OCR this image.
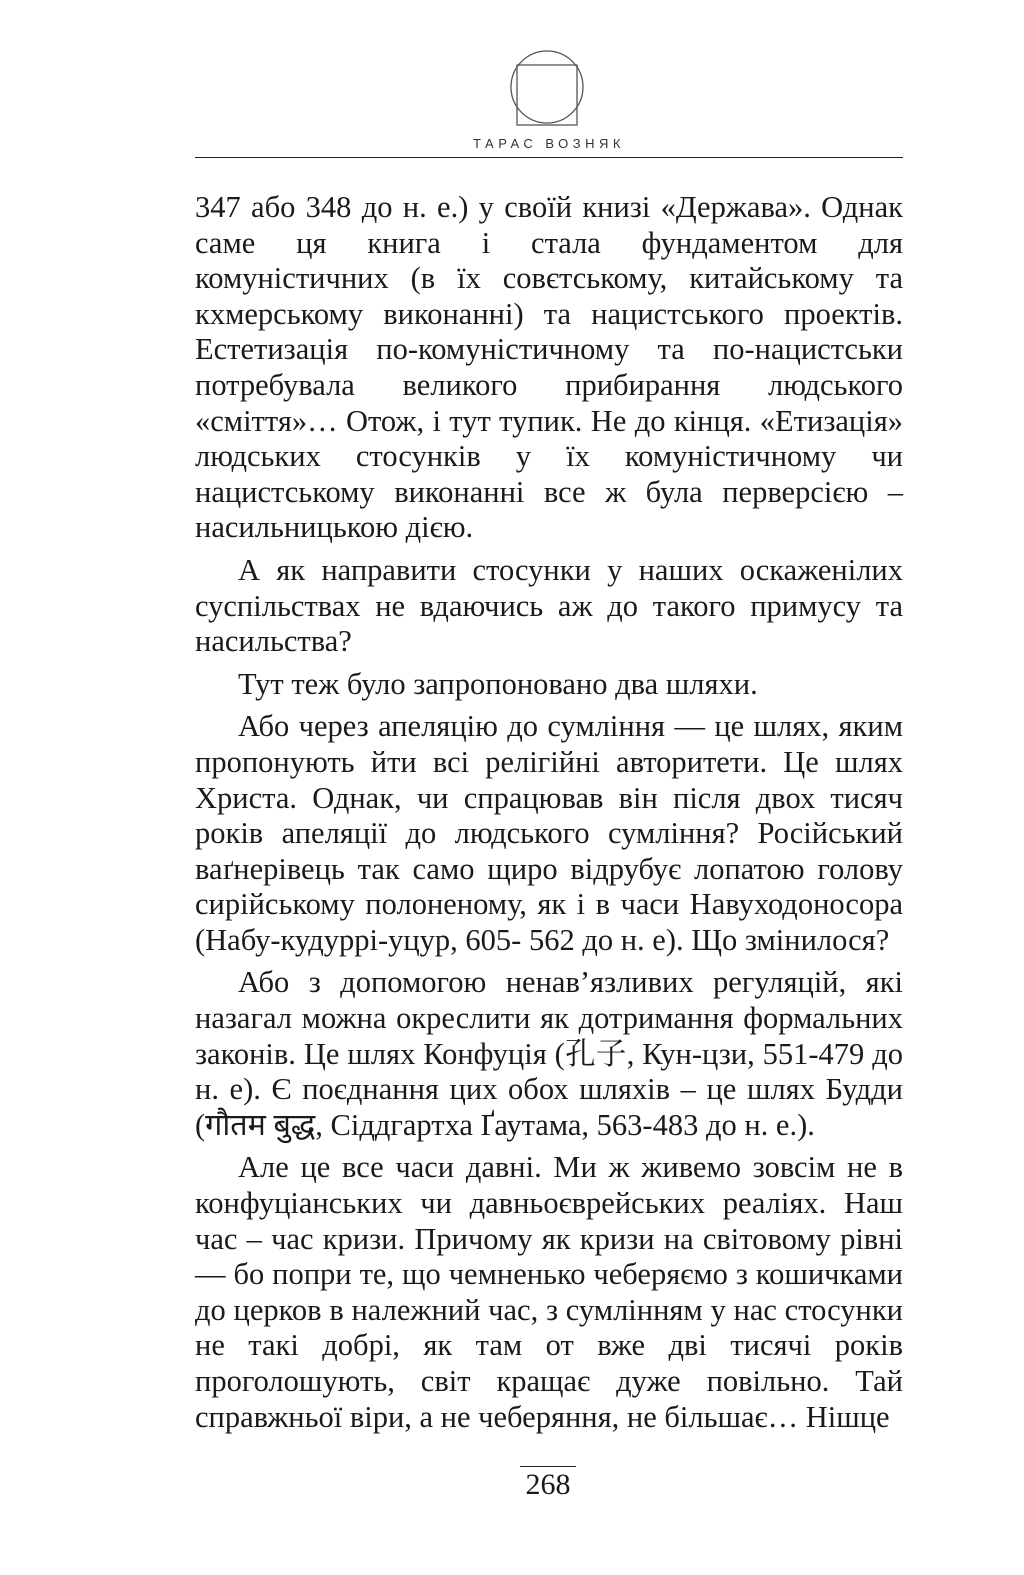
ТАРАС ВОЗНЯК

347 або 348 до н. е.) у своїй книзі «Держава». Однак саме ця книга і стала фундаментом для комуністичних (в їх совєтському, китайському та кхмерському виконанні) та нацистського проектів. Естетизація по-комуністичному та по-нацистськи потребувала великого прибирання людського «сміття»… Отож, і тут тупик. Не до кінця. «Етизація» людських стосунків у їх комуністичному чи нацистському виконанні все ж була перверсією – насильницькою дією.

А як направити стосунки у наших оскаженілих суспільствах не вдаючись аж до такого примусу та насильства?

Тут теж було запропоновано два шляхи.

Або через апеляцію до сумління — це шлях, яким пропонують йти всі релігійні авторитети. Це шлях Христа. Однак, чи спрацював він після двох тисяч років апеляції до людського сумління? Російський ваґнерівець так само щиро відрубує лопатою голову сирійському полоненому, як і в часи Навуходоносора (Набу-кудуррі-уцур, 605- 562 до н. е). Що змінилося?

Або з допомогою ненав’язливих регуляцій, які назагал можна окреслити як дотримання формальних законів. Це шлях Конфуція (孔子, Кун-цзи, 551-479 до н. е). Є поєднання цих обох шляхів – це шлях Будди (गौतम बुद्ध, Сіддгартха Ґаутама, 563-483 до н. е.).

Але це все часи давні. Ми ж живемо зовсім не в конфуціанських чи давньоєврейських реаліях. Наш час – час кризи. Причому як кризи на світовому рівні — бо попри те, що чемненько чеберяємо з кошичками до церков в належний час, з сумлінням у нас стосунки не такі добрі, як там от вже дві тисячі років проголошують, світ кращає дуже повільно. Тай справжньої віри, а не чеберяння, не більшає… Нішце

268
